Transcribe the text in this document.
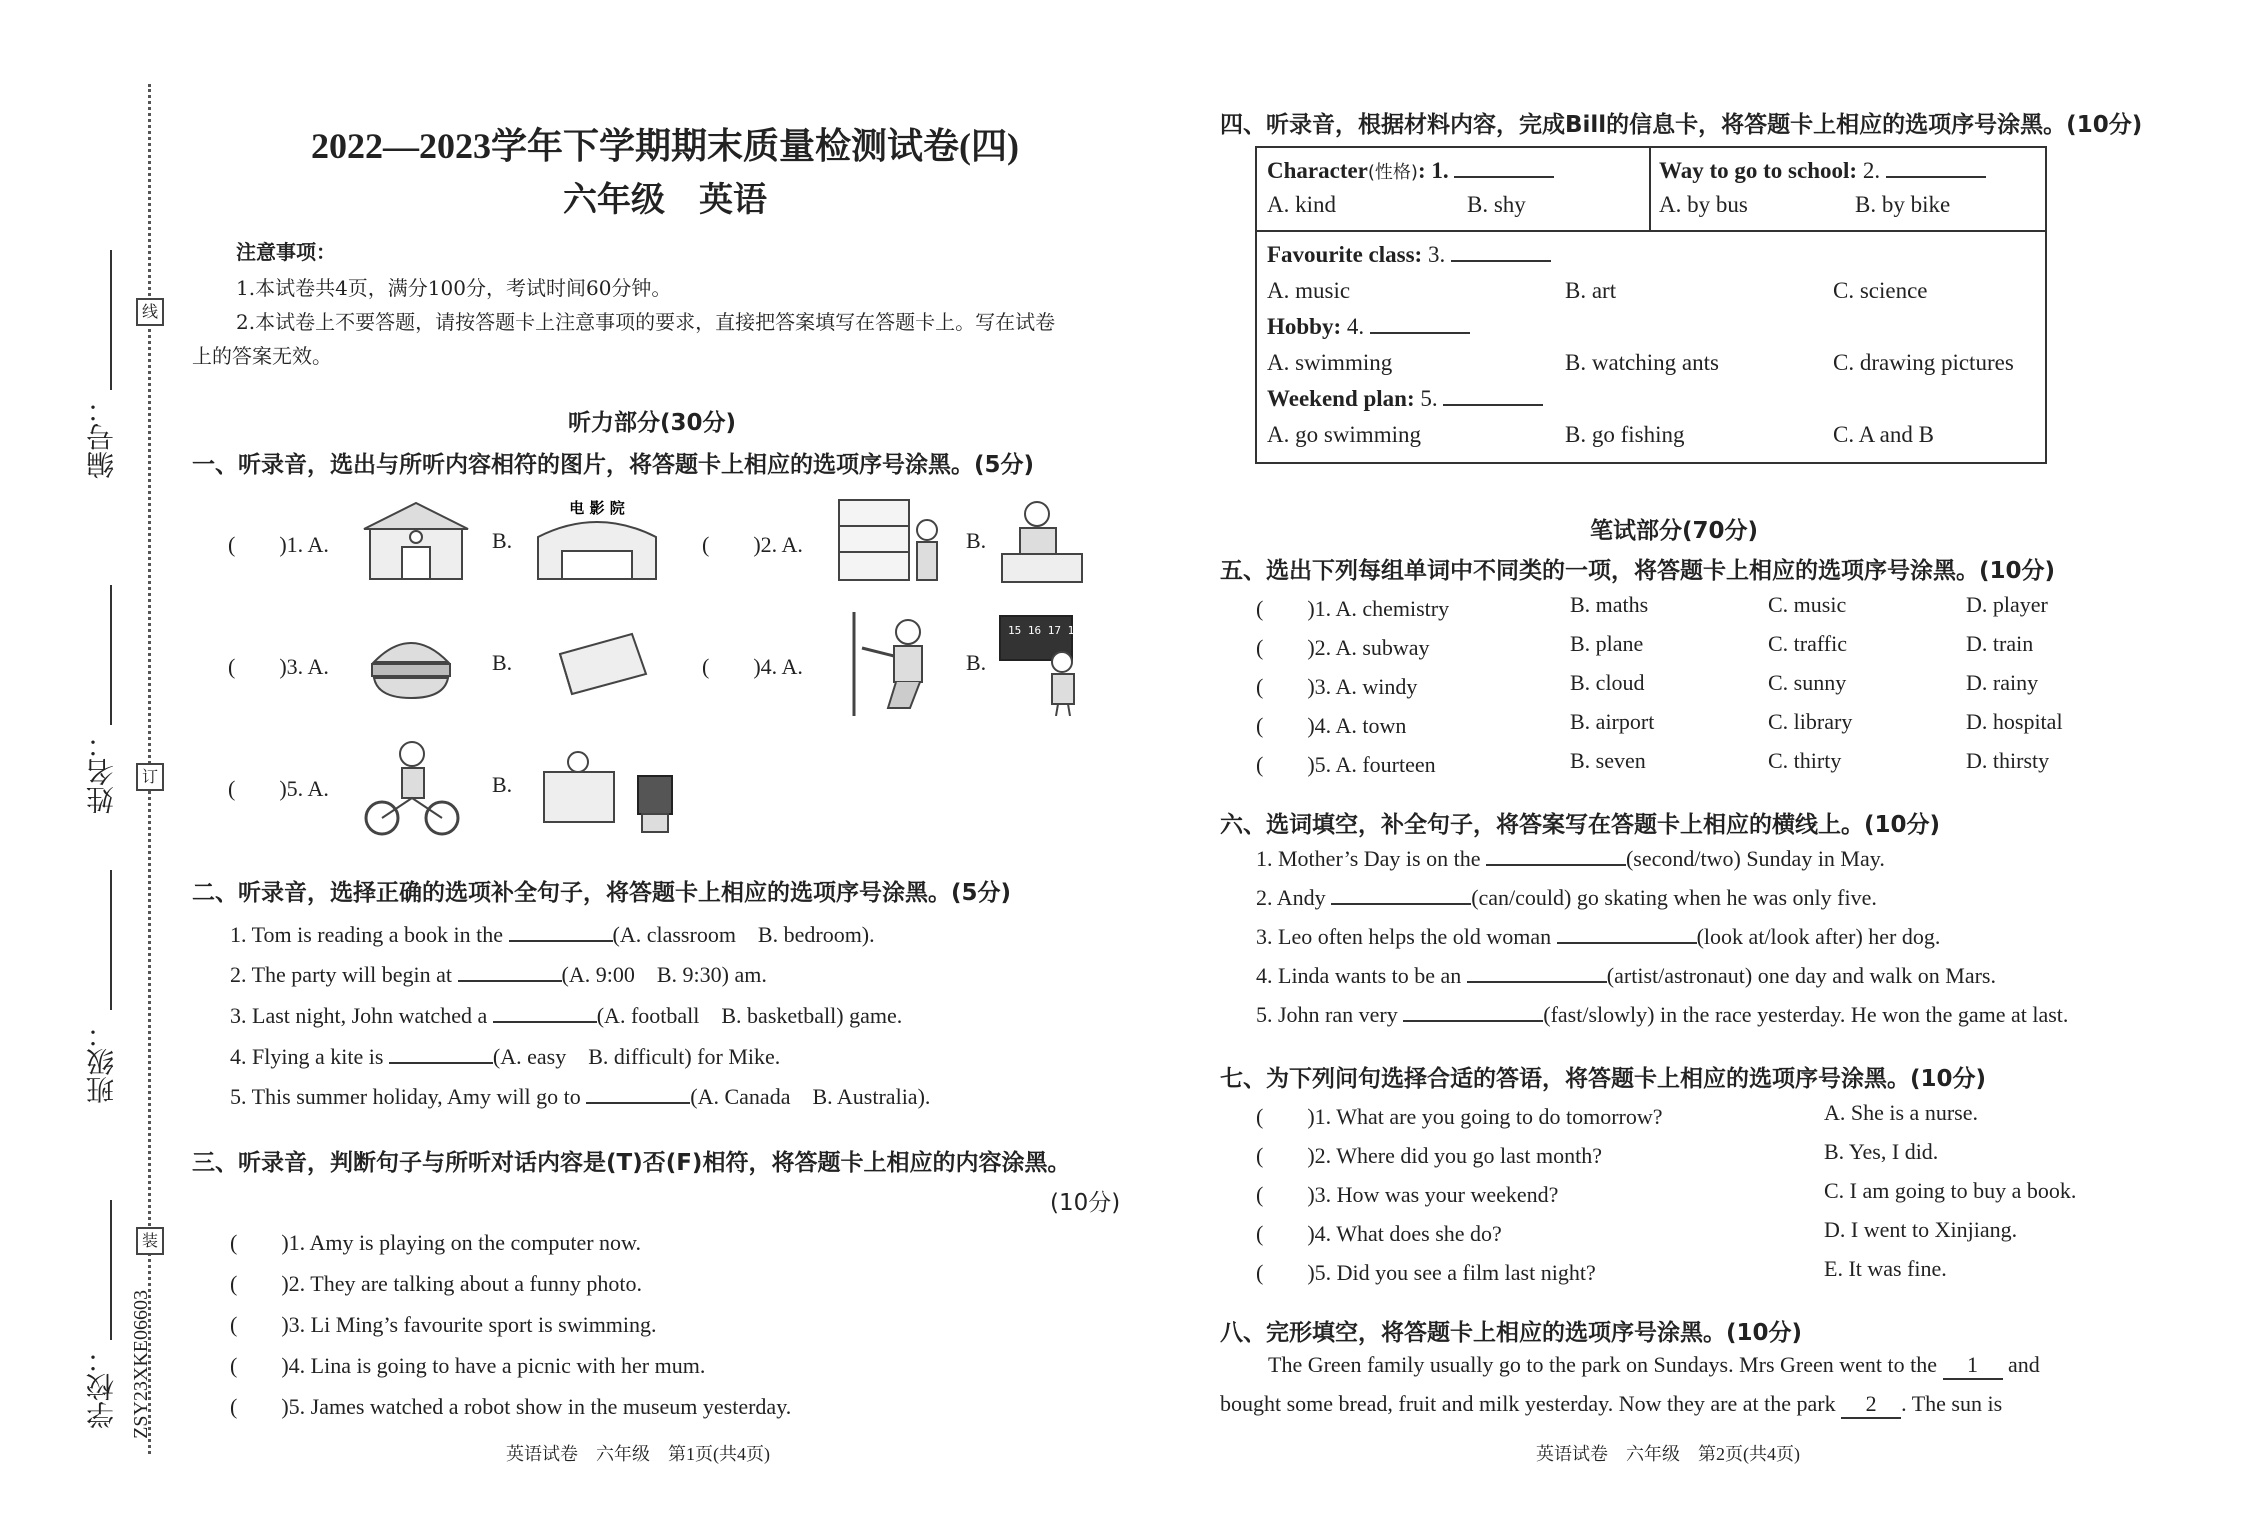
学校：
班级：
姓名：
编号：
线
订
装
ZSY23XKE06603
2022—2023学年下学期期末质量检测试卷(四)
六年级　英语
注意事项：
1.本试卷共4页，满分100分，考试时间60分钟。
2.本试卷上不要答题，请按答题卡上注意事项的要求，直接把答案填写在答题卡上。写在试卷
上的答案无效。
听力部分(30分)
一、听录音，选出与所听内容相符的图片，将答题卡上相应的选项序号涂黑。(5分)
(　　)1. A.	B.	(　　)2. A.	B.
(　　)3. A.	B.	(　　)4. A.	B.
(　　)5. A.	B.
电 影 院
15 16 17 18 19
二、听录音，选择正确的选项补全句子，将答题卡上相应的选项序号涂黑。(5分)
1. Tom is reading a book in the	(A. classroom　B. bedroom).
2. The party will begin at	(A. 9:00　B. 9:30) am.
3. Last night, John watched a	(A. football　B. basketball) game.
4. Flying a kite is	(A. easy　B. difficult) for Mike.
5. This summer holiday, Amy will go to	(A. Canada　B. Australia).
三、听录音，判断句子与所听对话内容是(T)否(F)相符，将答题卡上相应的内容涂黑。
(10分)
(　　)1. Amy is playing on the computer now.
(　　)2. They are talking about a funny photo.
(　　)3. Li Ming’s favourite sport is swimming.
(　　)4. Lina is going to have a picnic with her mum.
(　　)5. James watched a robot show in the museum yesterday.
英语试卷　六年级　第1页(共4页)
四、听录音，根据材料内容，完成Bill的信息卡，将答题卡上相应的选项序号涂黑。(10分)
Character(性格): 1.
A. kind	B. shy
Way to go to school: 2.
A. by bus	B. by bike
Favourite class: 3.
A. music	B. art	C. science
Hobby: 4.
A. swimming	B. watching ants	C. drawing pictures
Weekend plan: 5.
A. go swimming	B. go fishing	C. A and B
笔试部分(70分)
五、选出下列每组单词中不同类的一项，将答题卡上相应的选项序号涂黑。(10分)
(　　)1. A. chemistry	B. maths	C. music	D. player
(　　)2. A. subway	B. plane	C. traffic	D. train
(　　)3. A. windy	B. cloud	C. sunny	D. rainy
(　　)4. A. town	B. airport	C. library	D. hospital
(　　)5. A. fourteen	B. seven	C. thirty	D. thirsty
六、选词填空，补全句子，将答案写在答题卡上相应的横线上。(10分)
1. Mother’s Day is on the	(second/two) Sunday in May.
2. Andy	(can/could) go skating when he was only five.
3. Leo often helps the old woman	(look at/look after) her dog.
4. Linda wants to be an	(artist/astronaut) one day and walk on Mars.
5. John ran very	(fast/slowly) in the race yesterday. He won the game at last.
七、为下列问句选择合适的答语，将答题卡上相应的选项序号涂黑。(10分)
(　　)1. What are you going to do tomorrow?
(　　)2. Where did you go last month?
(　　)3. How was your weekend?
(　　)4. What does she do?
(　　)5. Did you see a film last night?
A. She is a nurse.
B. Yes, I did.
C. I am going to buy a book.
D. I went to Xinjiang.
E. It was fine.
八、完形填空，将答题卡上相应的选项序号涂黑。(10分)
The Green family usually go to the park on Sundays. Mrs Green went to the 1 and
bought some bread, fruit and milk yesterday. Now they are at the park 2 . The sun is
英语试卷　六年级　第2页(共4页)
